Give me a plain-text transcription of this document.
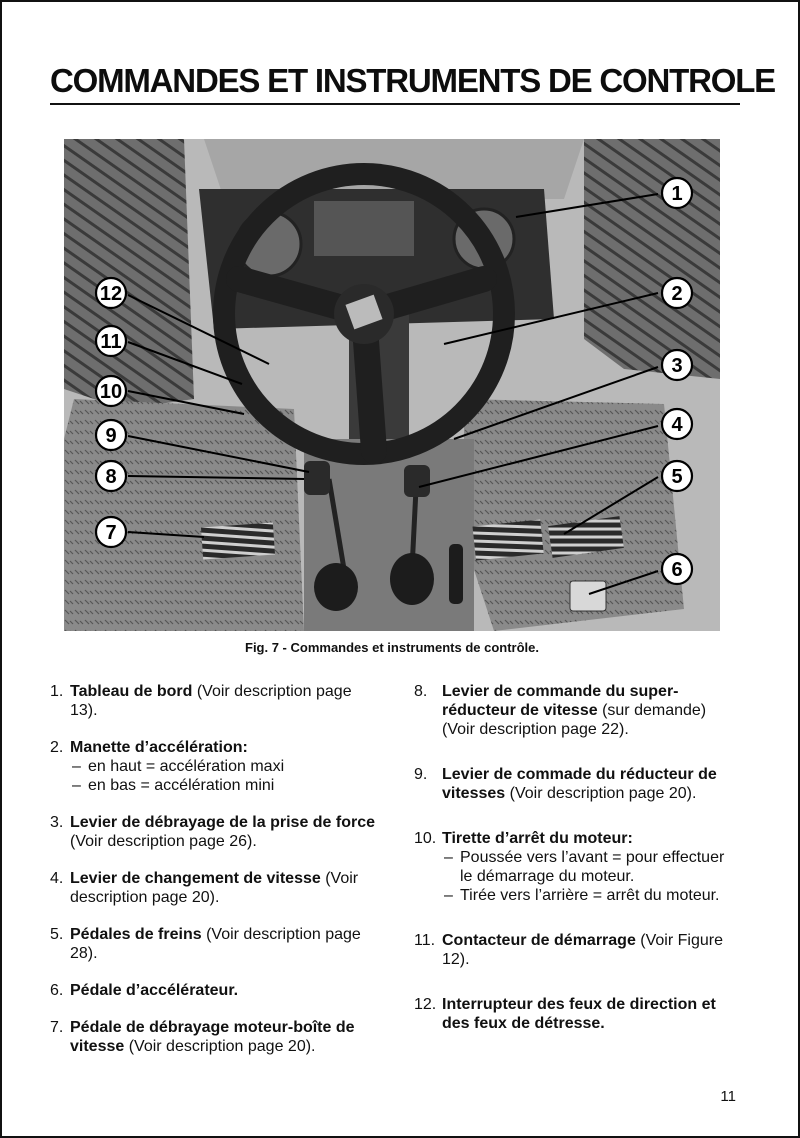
COMMANDES ET INSTRUMENTS DE CONTROLE
1
2
3
4
5
6
7
8
9
10
11
12
Fig. 7 - Commandes et instruments de contrôle.
1. Tableau de bord (Voir description page 13).
2. Manette d’accélération:
– en haut = accélération maxi
– en bas = accélération mini
3. Levier de débrayage de la prise de force (Voir description page 26).
4. Levier de changement de vitesse (Voir description page 20).
5. Pédales de freins (Voir description page 28).
6. Pédale d’accélérateur.
7. Pédale de débrayage moteur-boîte de vitesse (Voir description page 20).
8. Levier de commande du super-réducteur de vitesse (sur demande) (Voir description page 22).
9. Levier de commade du réducteur de vitesses (Voir description page 20).
10. Tirette d’arrêt du moteur:
– Poussée vers l’avant = pour effectuer le démarrage du moteur.
– Tirée vers l’arrière = arrêt du moteur.
11. Contacteur de démarrage (Voir Figure 12).
12. Interrupteur des feux de direction et des feux de détresse.
11
